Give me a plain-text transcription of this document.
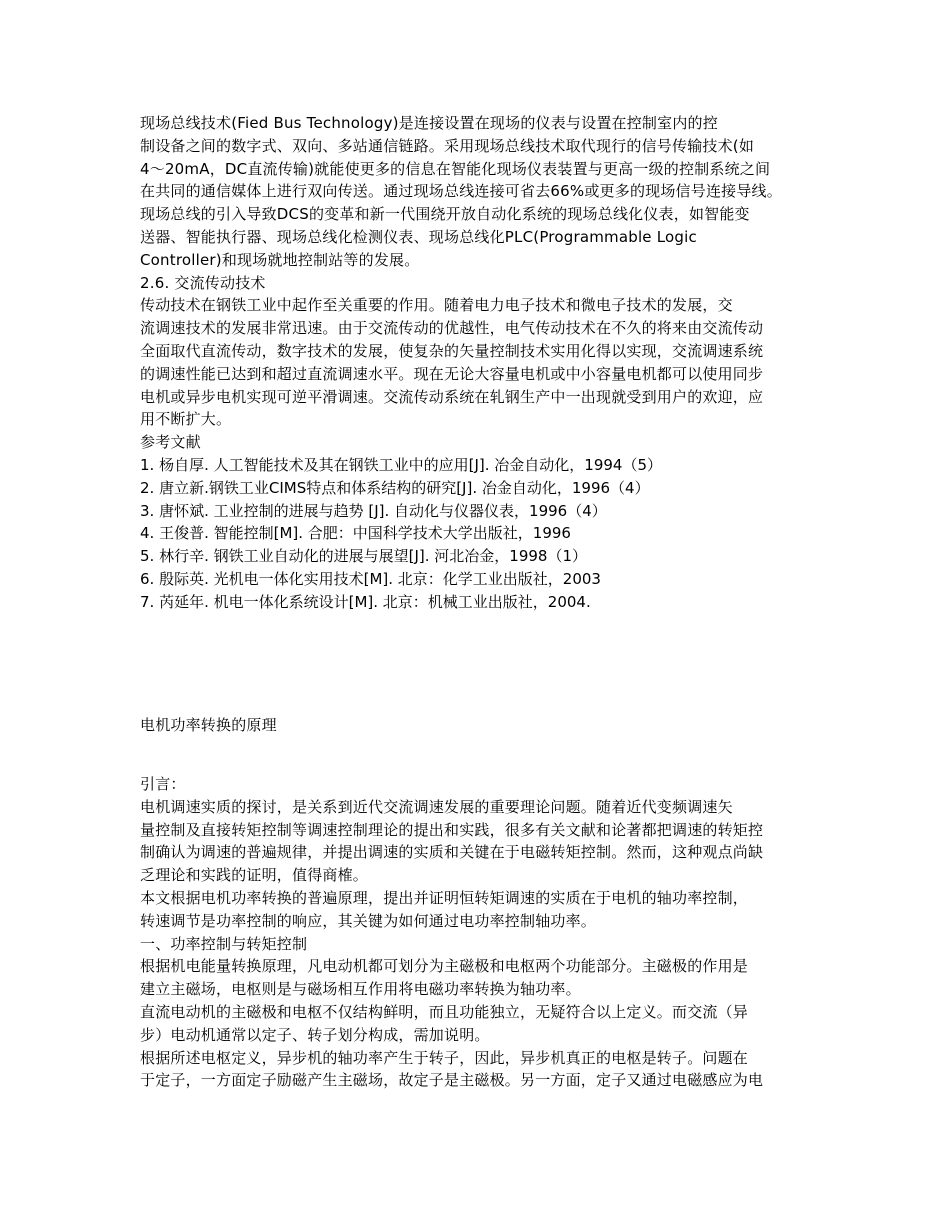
现场总线技术(Fied Bus Technology)是连接设置在现场的仪表与设置在控制室内的控
制设备之间的数字式、双向、多站通信链路。采用现场总线技术取代现行的信号传输技术(如
4～20mA，DC直流传输)就能使更多的信息在智能化现场仪表装置与更高一级的控制系统之间
在共同的通信媒体上进行双向传送。通过现场总线连接可省去66%或更多的现场信号连接导线。
现场总线的引入导致DCS的变革和新一代围绕开放自动化系统的现场总线化仪表，如智能变
送器、智能执行器、现场总线化检测仪表、现场总线化PLC(Programmable Logic
Controller)和现场就地控制站等的发展。
2.6. 交流传动技术
传动技术在钢铁工业中起作至关重要的作用。随着电力电子技术和微电子技术的发展，交
流调速技术的发展非常迅速。由于交流传动的优越性，电气传动技术在不久的将来由交流传动
全面取代直流传动，数字技术的发展，使复杂的矢量控制技术实用化得以实现，交流调速系统
的调速性能已达到和超过直流调速水平。现在无论大容量电机或中小容量电机都可以使用同步
电机或异步电机实现可逆平滑调速。交流传动系统在轧钢生产中一出现就受到用户的欢迎，应
用不断扩大。
参考文献
1. 杨自厚. 人工智能技术及其在钢铁工业中的应用[J]. 冶金自动化，1994（5）
2. 唐立新.钢铁工业CIMS特点和体系结构的研究[J]. 冶金自动化，1996（4）
3. 唐怀斌. 工业控制的进展与趋势 [J]. 自动化与仪器仪表，1996（4）
4. 王俊普. 智能控制[M]. 合肥：中国科学技术大学出版社，1996
5. 林行辛. 钢铁工业自动化的进展与展望[J]. 河北冶金，1998（1）
6. 殷际英. 光机电一体化实用技术[M]. 北京：化学工业出版社，2003
7. 芮延年. 机电一体化系统设计[M]. 北京：机械工业出版社，2004.
电机功率转换的原理
引言：
电机调速实质的探讨，是关系到近代交流调速发展的重要理论问题。随着近代变频调速矢
量控制及直接转矩控制等调速控制理论的提出和实践，很多有关文献和论著都把调速的转矩控
制确认为调速的普遍规律，并提出调速的实质和关键在于电磁转矩控制。然而，这种观点尚缺
乏理论和实践的证明，值得商榷。
本文根据电机功率转换的普遍原理，提出并证明恒转矩调速的实质在于电机的轴功率控制，
转速调节是功率控制的响应，其关键为如何通过电功率控制轴功率。
一、功率控制与转矩控制
根据机电能量转换原理，凡电动机都可划分为主磁极和电枢两个功能部分。主磁极的作用是
建立主磁场，电枢则是与磁场相互作用将电磁功率转换为轴功率。
直流电动机的主磁极和电枢不仅结构鲜明，而且功能独立，无疑符合以上定义。而交流（异
步）电动机通常以定子、转子划分构成，需加说明。
根据所述电枢定义，异步机的轴功率产生于转子，因此，异步机真正的电枢是转子。问题在
于定子，一方面定子励磁产生主磁场，故定子是主磁极。另一方面，定子又通过电磁感应为电
